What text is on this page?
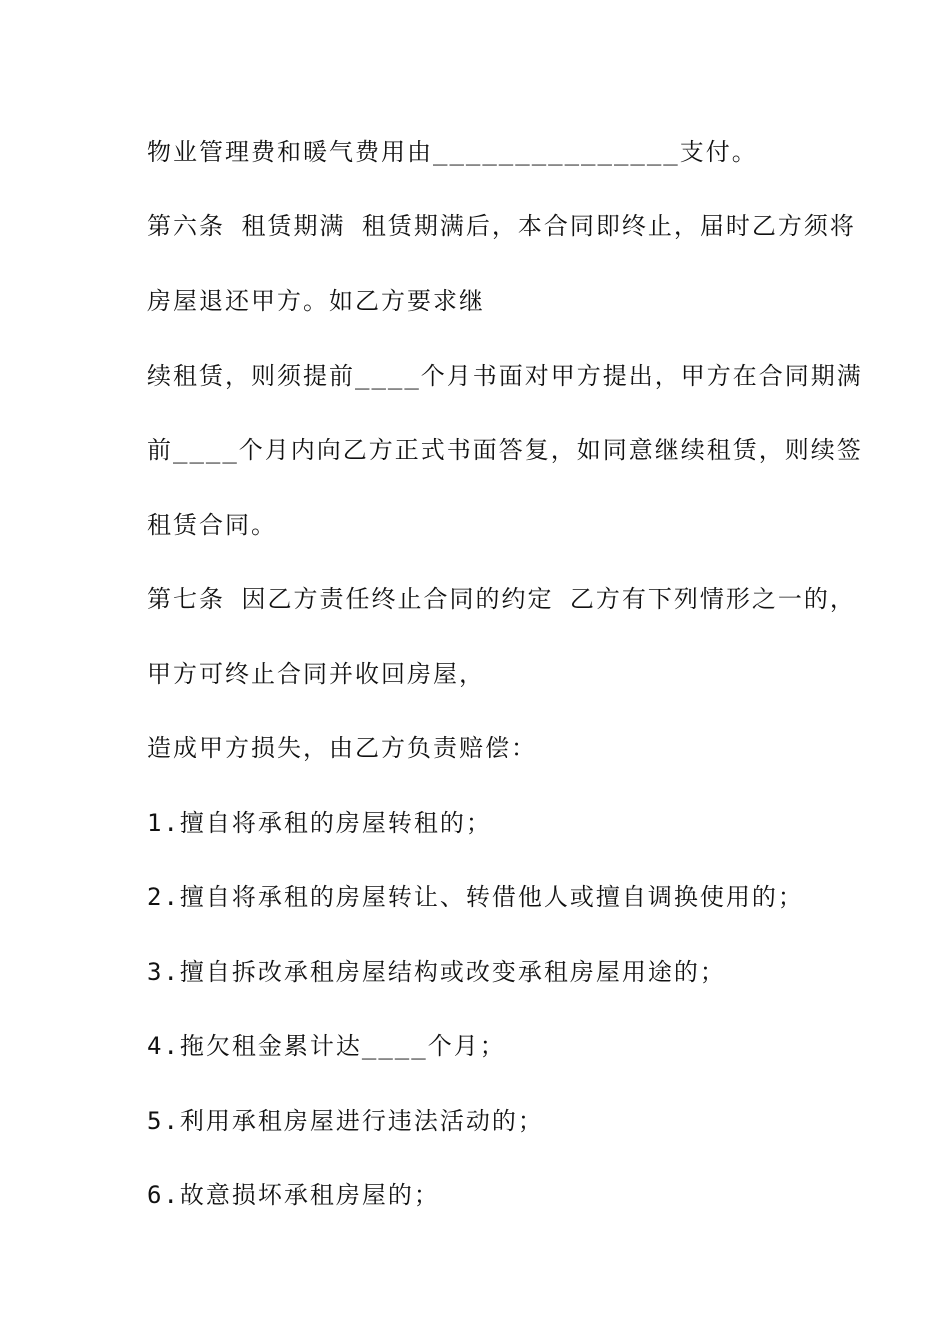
物业管理费和暖气费用由_______________支付。
第六条 租赁期满 租赁期满后，本合同即终止，届时乙方须将
房屋退还甲方。如乙方要求继
续租赁，则须提前____个月书面对甲方提出，甲方在合同期满
前____个月内向乙方正式书面答复，如同意继续租赁，则续签
租赁合同。
第七条 因乙方责任终止合同的约定 乙方有下列情形之一的，
甲方可终止合同并收回房屋，
造成甲方损失，由乙方负责赔偿：
1.擅自将承租的房屋转租的；
2.擅自将承租的房屋转让、转借他人或擅自调换使用的；
3.擅自拆改承租房屋结构或改变承租房屋用途的；
4.拖欠租金累计达____个月；
5.利用承租房屋进行违法活动的；
6.故意损坏承租房屋的；
